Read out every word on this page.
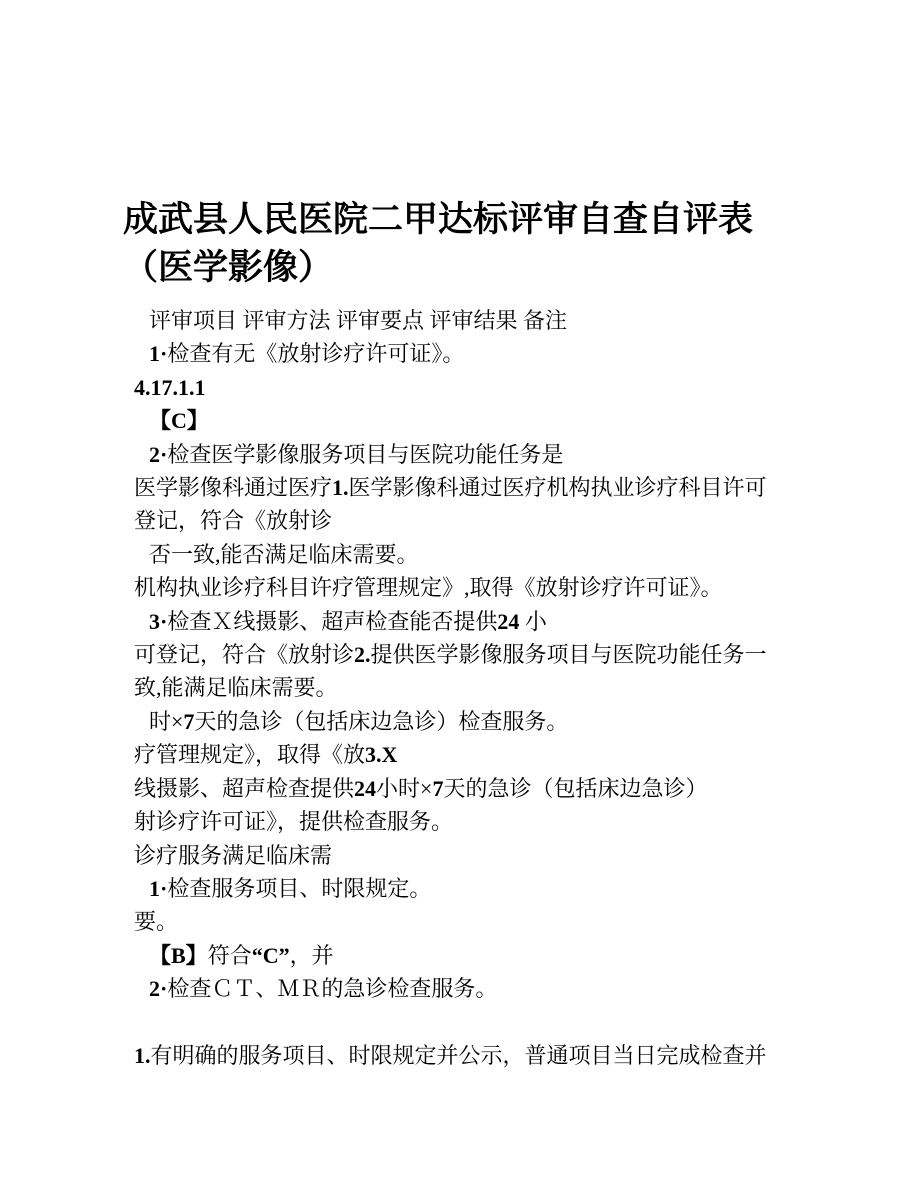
成武县人民医院二甲达标评审自查自评表
（医学影像）
评审项目 评审方法 评审要点 评审结果 备注
1·检查有无《放射诊疗许可证》。
4.17.1.1
【C】
2·检查医学影像服务项目与医院功能任务是
医学影像科通过医疗1.医学影像科通过医疗机构执业诊疗科目许可
登记，符合《放射诊
否一致,能否满足临床需要。
机构执业诊疗科目许疗管理规定》,取得《放射诊疗许可证》。
3·检查Ｘ线摄影、超声检查能否提供24 小
可登记，符合《放射诊2.提供医学影像服务项目与医院功能任务一
致,能满足临床需要。
时×7天的急诊（包括床边急诊）检查服务。
疗管理规定》，取得《放3.X
线摄影、超声检查提供24小时×7天的急诊（包括床边急诊）
射诊疗许可证》，提供检查服务。
诊疗服务满足临床需
1·检查服务项目、时限规定。
要。
【B】符合“C”，并
2·检查ＣＴ、ＭＲ的急诊检查服务。

1.有明确的服务项目、时限规定并公示，普通项目当日完成检查并
